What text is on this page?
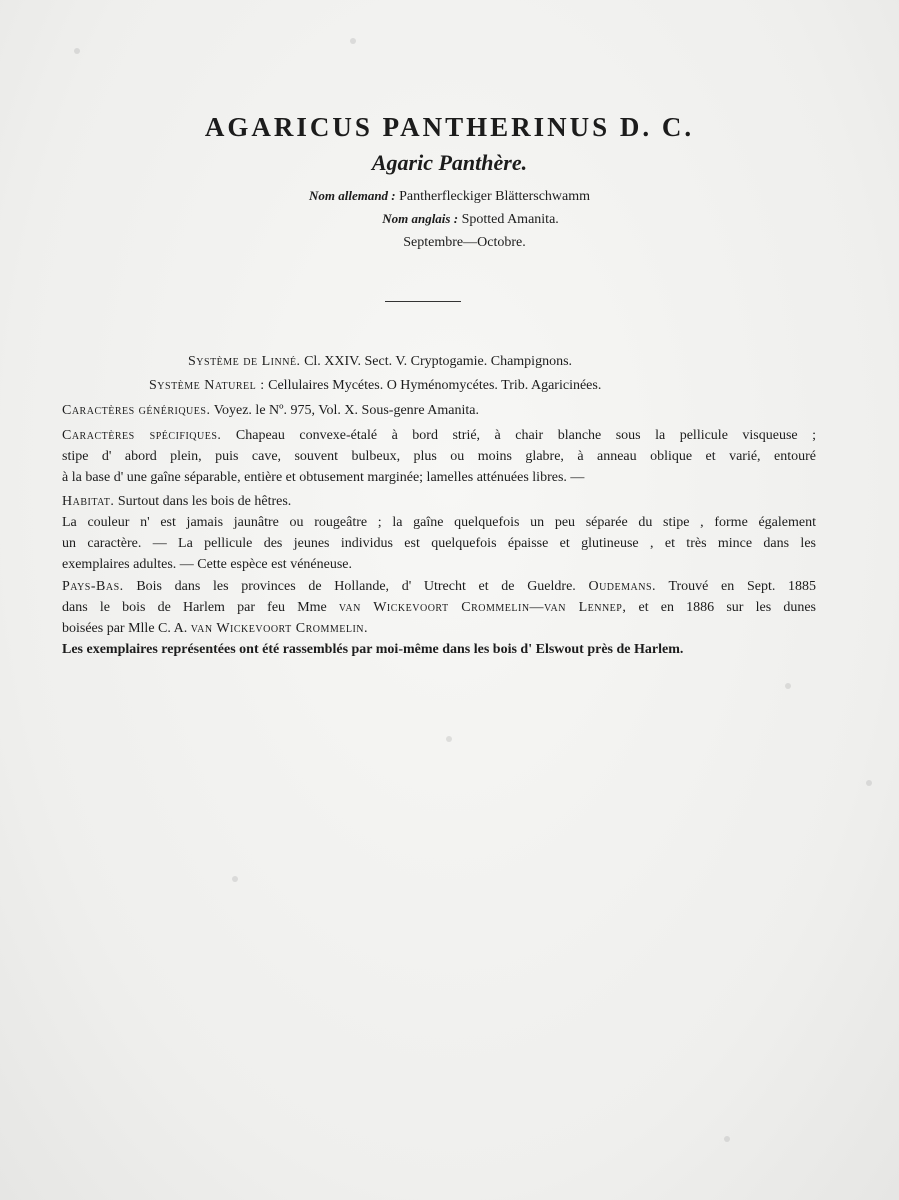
AGARICUS PANTHERINUS D. C.
Agaric Panthère.
Nom allemand : Pantherfleckiger Blätterschwamm
Nom anglais : Spotted Amanita.
Septembre—Octobre.
Système de Linné. Cl. XXIV. Sect. V. Cryptogamie. Champignons.
Système Naturel : Cellulaires Mycétes. O Hyménomycétes. Trib. Agaricinées.
Caractères génériques. Voyez. le Nº. 975, Vol. X. Sous-genre Amanita.
Caractères spécifiques. Chapeau convexe-étalé à bord strié, à chair blanche sous la pellicule visqueuse ;
stipe d' abord plein, puis cave, souvent bulbeux, plus ou moins glabre, à anneau oblique et varié, entouré
à la base d' une gaîne séparable, entière et obtusement marginée; lamelles atténuées libres. —
Habitat. Surtout dans les bois de hêtres.
La couleur n' est jamais jaunâtre ou rougeâtre ; la gaîne quelquefois un peu séparée du stipe , forme également
un caractère. — La pellicule des jeunes individus est quelquefois épaisse et glutineuse , et très mince dans les
exemplaires adultes. — Cette espèce est vénéneuse.
Pays-Bas. Bois dans les provinces de Hollande, d' Utrecht et de Gueldre. Oudemans. Trouvé en Sept. 1885
dans le bois de Harlem par feu Mme van Wickevoort Crommelin—van Lennep, et en 1886 sur les dunes
boisées par Mlle C. A. van Wickevoort Crommelin.
Les exemplaires représentées ont été rassemblés par moi-même dans les bois d' Elswout près de Harlem.
